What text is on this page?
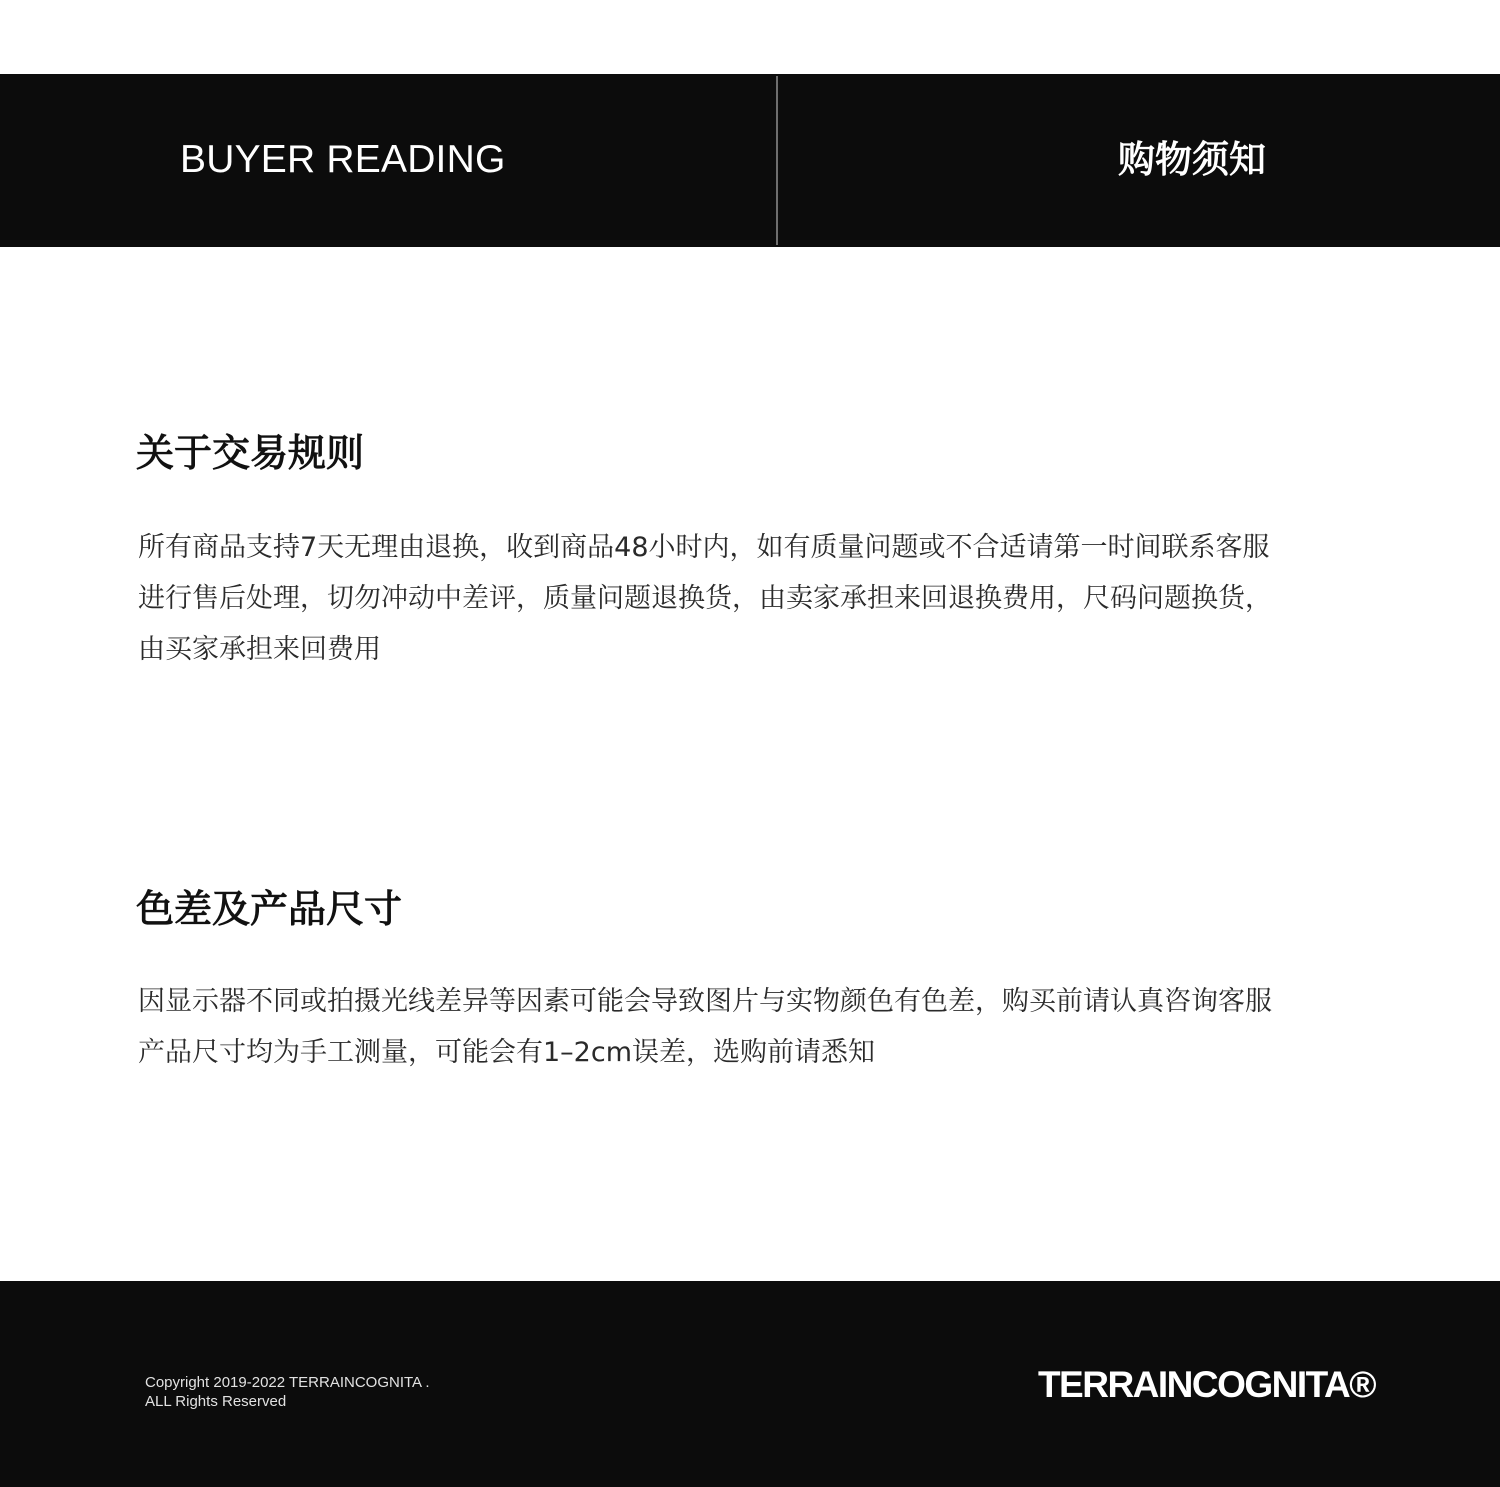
BUYER READING	购物须知
关于交易规则
所有商品支持7天无理由退换，收到商品48小时内，如有质量问题或不合适请第一时间联系客服
进行售后处理，切勿冲动中差评，质量问题退换货，由卖家承担来回退换费用，尺码问题换货，
由买家承担来回费用
色差及产品尺寸
因显示器不同或拍摄光线差异等因素可能会导致图片与实物颜色有色差，购买前请认真咨询客服
产品尺寸均为手工测量，可能会有1–2cm误差，选购前请悉知
Copyright 2019-2022 TERRAINCOGNITA .
ALL Rights Reserved	TERRAINCOGNITA®
